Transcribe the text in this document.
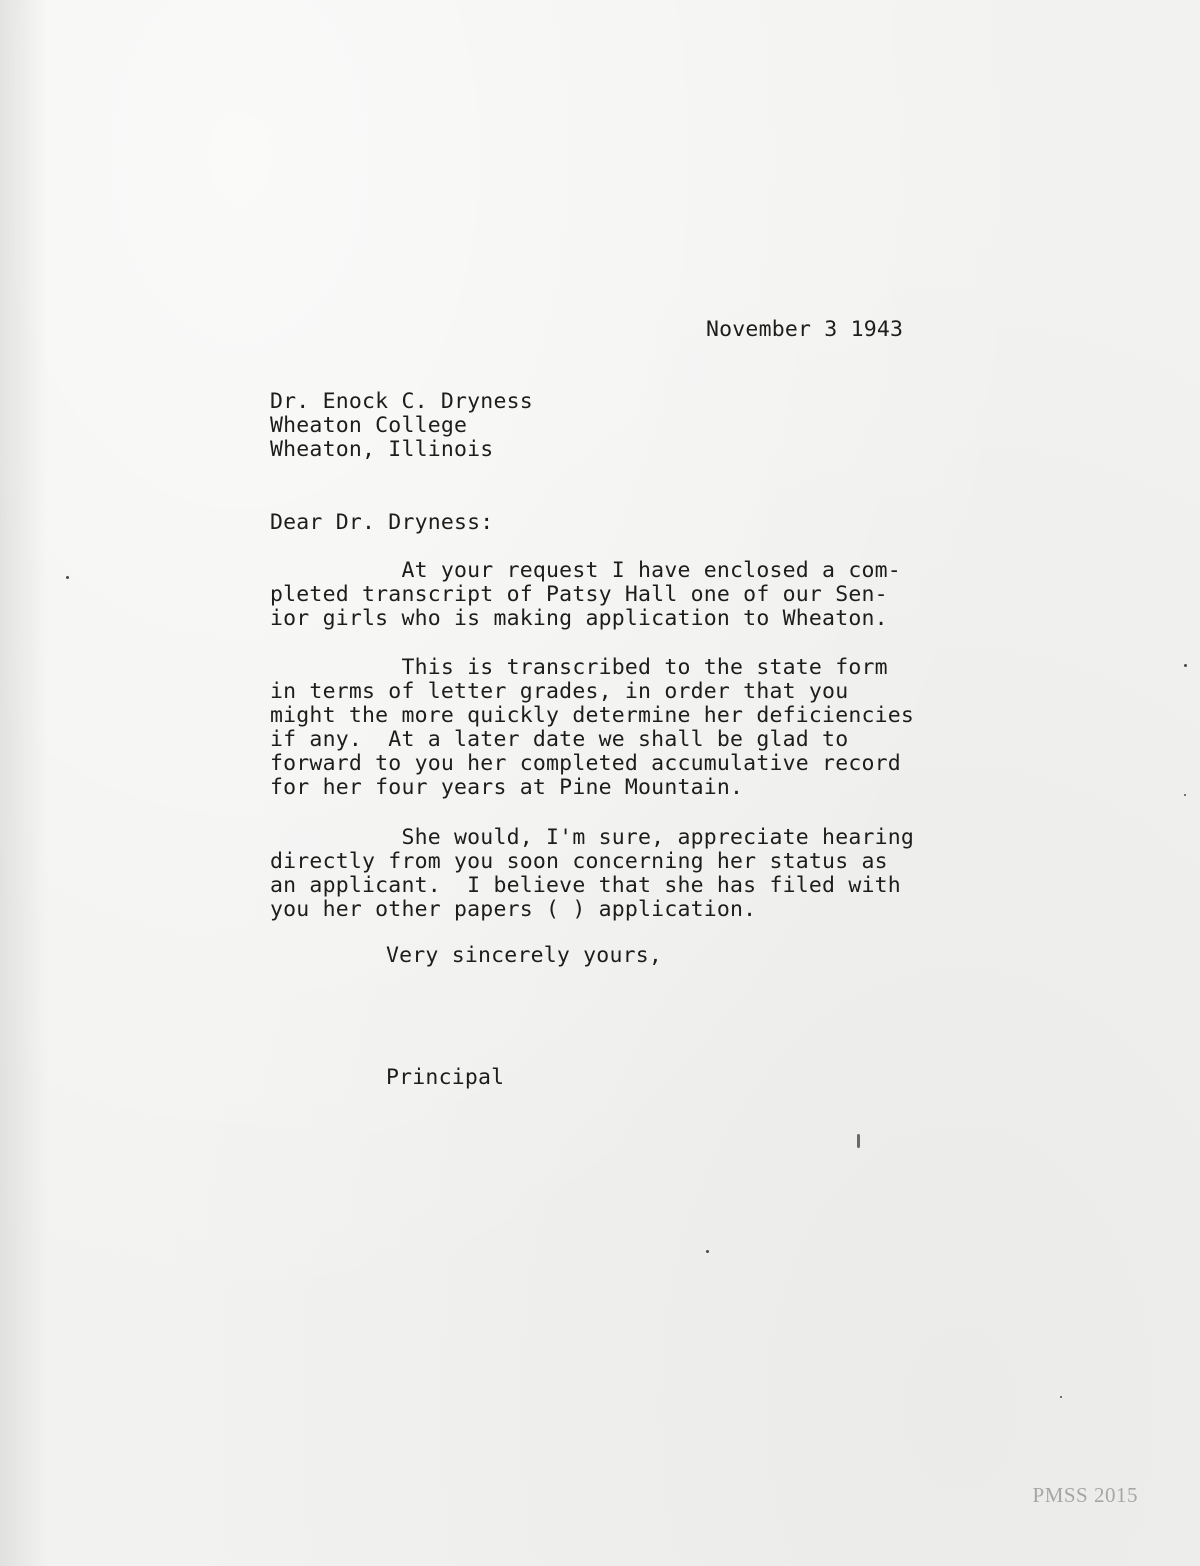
November 3 1943
Dr. Enock C. Dryness
Wheaton College
Wheaton, Illinois
Dear Dr. Dryness:
At your request I have enclosed a com-
pleted transcript of Patsy Hall one of our Sen-
ior girls who is making application to Wheaton.
This is transcribed to the state form
in terms of letter grades, in order that you
might the more quickly determine her deficiencies
if any.  At a later date we shall be glad to
forward to you her completed accumulative record
for her four years at Pine Mountain.
She would, I'm sure, appreciate hearing
directly from you soon concerning her status as
an applicant.  I believe that she has filed with
you her other papers ( ) application.
Very sincerely yours,
Principal
PMSS 2015
